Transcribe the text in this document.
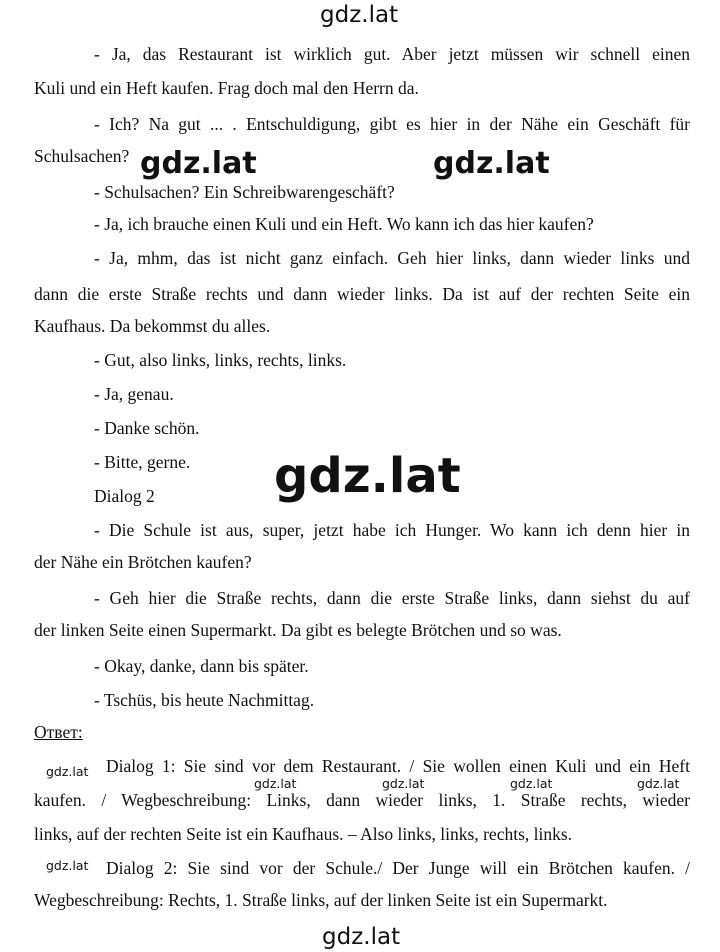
gdz.lat
gdz.lat	gdz.lat
gdz.lat
gdz.lat
gdz.lat	gdz.lat	gdz.lat	gdz.lat
gdz.lat
gdz.lat
- Ja, das Restaurant ist wirklich gut. Aber jetzt müssen wir schnell einen
Kuli und ein Heft kaufen. Frag doch mal den Herrn da.
- Ich? Na gut ... . Entschuldigung, gibt es hier in der Nähe ein Geschäft für
Schulsachen?
- Schulsachen? Ein Schreibwarengeschäft?
- Ja, ich brauche einen Kuli und ein Heft. Wo kann ich das hier kaufen?
- Ja, mhm, das ist nicht ganz einfach. Geh hier links, dann wieder links und
dann die erste Straße rechts und dann wieder links. Da ist auf der rechten Seite ein
Kaufhaus. Da bekommst du alles.
- Gut, also links, links, rechts, links.
- Ja, genau.
- Danke schön.
- Bitte, gerne.
Dialog 2
- Die Schule ist aus, super, jetzt habe ich Hunger. Wo kann ich denn hier in
der Nähe ein Brötchen kaufen?
- Geh hier die Straße rechts, dann die erste Straße links, dann siehst du auf
der linken Seite einen Supermarkt. Da gibt es belegte Brötchen und so was.
- Okay, danke, dann bis später.
- Tschüs, bis heute Nachmittag.
Ответ:
Dialog 1: Sie sind vor dem Restaurant. / Sie wollen einen Kuli und ein Heft
kaufen. / Wegbeschreibung: Links, dann wieder links, 1. Straße rechts, wieder
links, auf der rechten Seite ist ein Kaufhaus. – Also links, links, rechts, links.
Dialog 2: Sie sind vor der Schule./ Der Junge will ein Brötchen kaufen. /
Wegbeschreibung: Rechts, 1. Straße links, auf der linken Seite ist ein Supermarkt.
